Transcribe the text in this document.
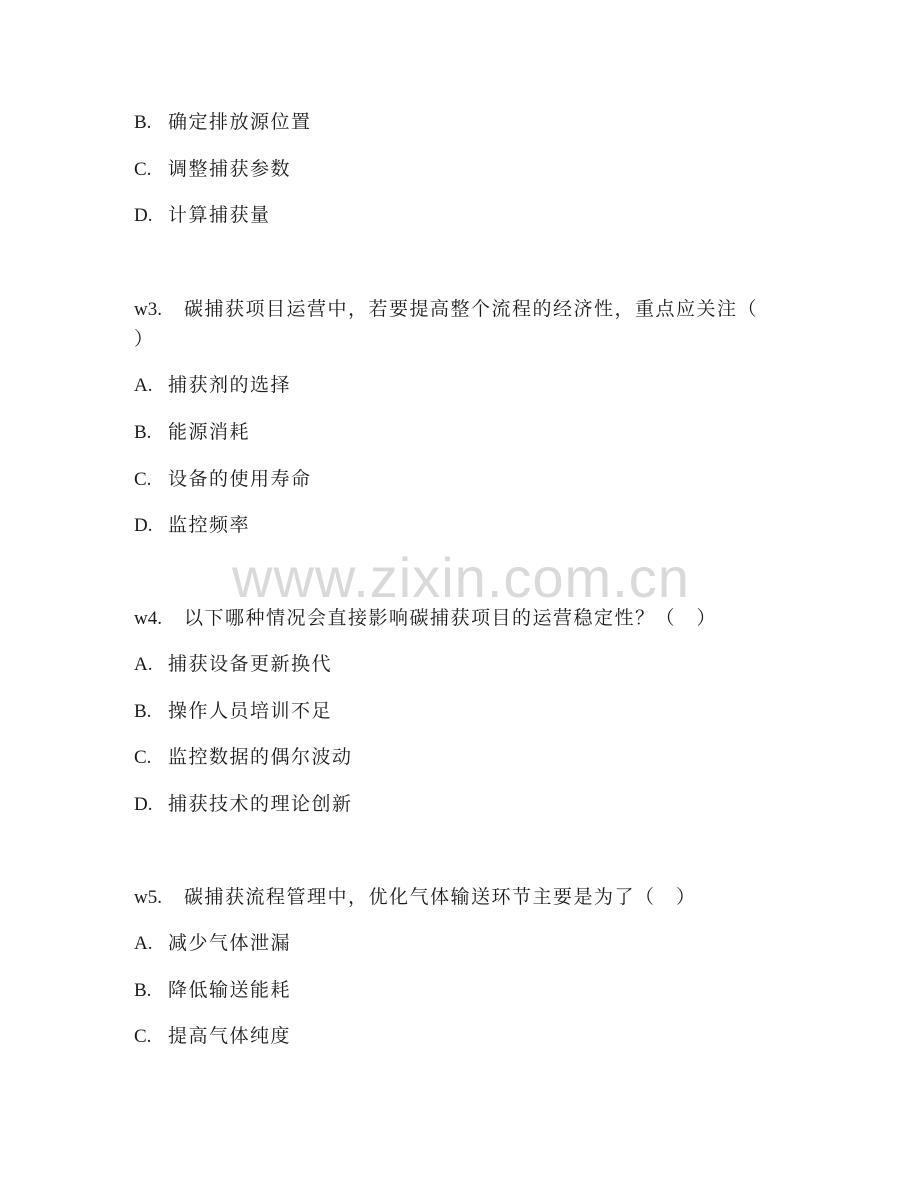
www.zixin.com.cn
B. 确定排放源位置
C. 调整捕获参数
D. 计算捕获量
w3. 碳捕获项目运营中，若要提高整个流程的经济性，重点应关注（
）
A. 捕获剂的选择
B. 能源消耗
C. 设备的使用寿命
D. 监控频率
w4. 以下哪种情况会直接影响碳捕获项目的运营稳定性？（　）
A. 捕获设备更新换代
B. 操作人员培训不足
C. 监控数据的偶尔波动
D. 捕获技术的理论创新
w5. 碳捕获流程管理中，优化气体输送环节主要是为了（　）
A. 减少气体泄漏
B. 降低输送能耗
C. 提高气体纯度
